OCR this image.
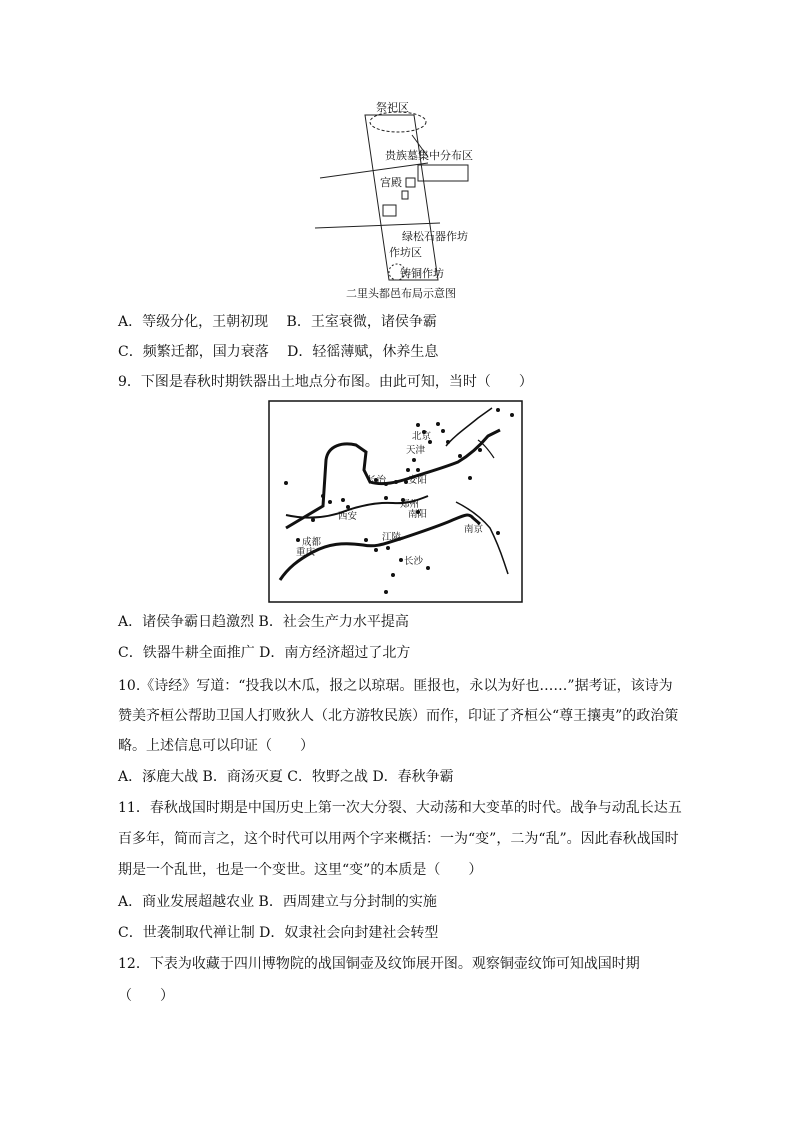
祭祀区
贵族墓集中分布区
宫殿
绿松石器作坊
作坊区
铸铜作坊
二里头都邑布局示意图
A．等级分化，王朝初现　 B．王室衰微，诸侯争霸
C．频繁迁都，国力衰落　 D．轻徭薄赋，休养生息
9．下图是春秋时期铁器出土地点分布图。由此可知，当时（　　）
北京
天津
长治 安阳
郑州
西安	南阳
南京
成都
重庆
江陵
长沙
A．诸侯争霸日趋激烈 B．社会生产力水平提高
C．铁器牛耕全面推广 D．南方经济超过了北方
10.《诗经》写道：“投我以木瓜，报之以琼琚。匪报也，永以为好也……”据考证，该诗为
赞美齐桓公帮助卫国人打败狄人（北方游牧民族）而作，印证了齐桓公“尊王攘夷”的政治策
略。上述信息可以印证（　　）
A．涿鹿大战 B．商汤灭夏 C．牧野之战 D．春秋争霸
11．春秋战国时期是中国历史上第一次大分裂、大动荡和大变革的时代。战争与动乱长达五
百多年，简而言之，这个时代可以用两个字来概括：一为“变”，二为“乱”。因此春秋战国时
期是一个乱世，也是一个变世。这里“变”的本质是（　　）
A．商业发展超越农业 B．西周建立与分封制的实施
C．世袭制取代禅让制 D．奴隶社会向封建社会转型
12．下表为收藏于四川博物院的战国铜壶及纹饰展开图。观察铜壶纹饰可知战国时期
（　　）
